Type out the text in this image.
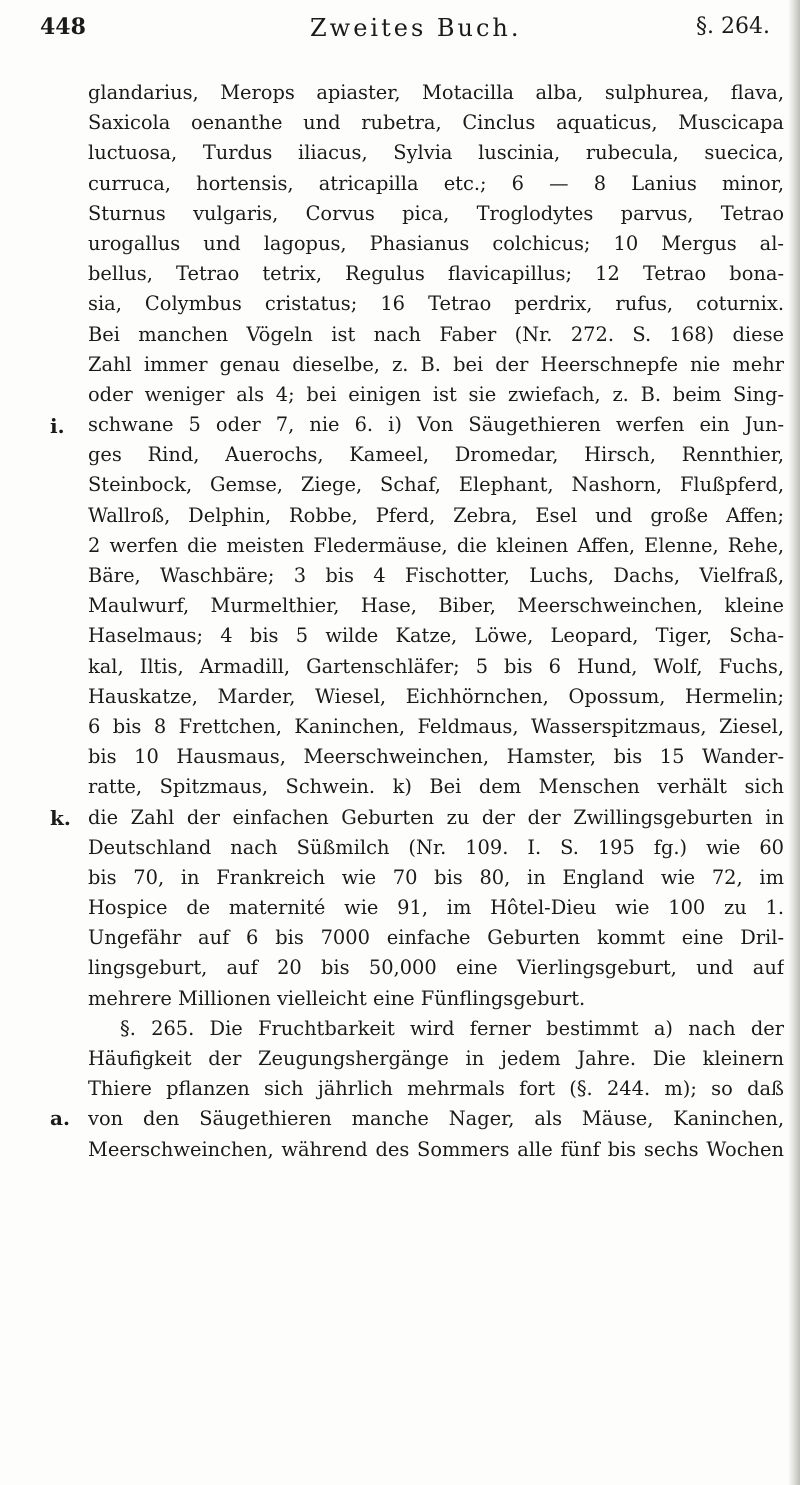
448	Zweites Buch.	§. 264.
i.
k.
a.
glandarius, Merops apiaster, Motacilla alba, sulphurea, flava,
Saxicola oenanthe und rubetra, Cinclus aquaticus, Muscicapa
luctuosa, Turdus iliacus, Sylvia luscinia, rubecula, suecica,
curruca, hortensis, atricapilla etc.; 6 — 8 Lanius minor,
Sturnus vulgaris, Corvus pica, Troglodytes parvus, Tetrao
urogallus und lagopus, Phasianus colchicus; 10 Mergus al-
bellus, Tetrao tetrix, Regulus flavicapillus; 12 Tetrao bona-
sia, Colymbus cristatus; 16 Tetrao perdrix, rufus, coturnix.
Bei manchen Vögeln ist nach Faber (Nr. 272. S. 168) diese
Zahl immer genau dieselbe, z. B. bei der Heerschnepfe nie mehr
oder weniger als 4; bei einigen ist sie zwiefach, z. B. beim Sing-
schwane 5 oder 7, nie 6. i) Von Säugethieren werfen ein Jun-
ges Rind, Auerochs, Kameel, Dromedar, Hirsch, Rennthier,
Steinbock, Gemse, Ziege, Schaf, Elephant, Nashorn, Flußpferd,
Wallroß, Delphin, Robbe, Pferd, Zebra, Esel und große Affen;
2 werfen die meisten Fledermäuse, die kleinen Affen, Elenne, Rehe,
Bäre, Waschbäre; 3 bis 4 Fischotter, Luchs, Dachs, Vielfraß,
Maulwurf, Murmelthier, Hase, Biber, Meerschweinchen, kleine
Haselmaus; 4 bis 5 wilde Katze, Löwe, Leopard, Tiger, Scha-
kal, Iltis, Armadill, Gartenschläfer; 5 bis 6 Hund, Wolf, Fuchs,
Hauskatze, Marder, Wiesel, Eichhörnchen, Opossum, Hermelin;
6 bis 8 Frettchen, Kaninchen, Feldmaus, Wasserspitzmaus, Ziesel,
bis 10 Hausmaus, Meerschweinchen, Hamster, bis 15 Wander-
ratte, Spitzmaus, Schwein. k) Bei dem Menschen verhält sich
die Zahl der einfachen Geburten zu der der Zwillingsgeburten in
Deutschland nach Süßmilch (Nr. 109. I. S. 195 fg.) wie 60
bis 70, in Frankreich wie 70 bis 80, in England wie 72, im
Hospice de maternité wie 91, im Hôtel-Dieu wie 100 zu 1.
Ungefähr auf 6 bis 7000 einfache Geburten kommt eine Dril-
lingsgeburt, auf 20 bis 50,000 eine Vierlingsgeburt, und auf
mehrere Millionen vielleicht eine Fünflingsgeburt.
§. 265. Die Fruchtbarkeit wird ferner bestimmt a) nach der
Häufigkeit der Zeugungshergänge in jedem Jahre. Die kleinern
Thiere pflanzen sich jährlich mehrmals fort (§. 244. m); so daß
von den Säugethieren manche Nager, als Mäuse, Kaninchen,
Meerschweinchen, während des Sommers alle fünf bis sechs Wochen
